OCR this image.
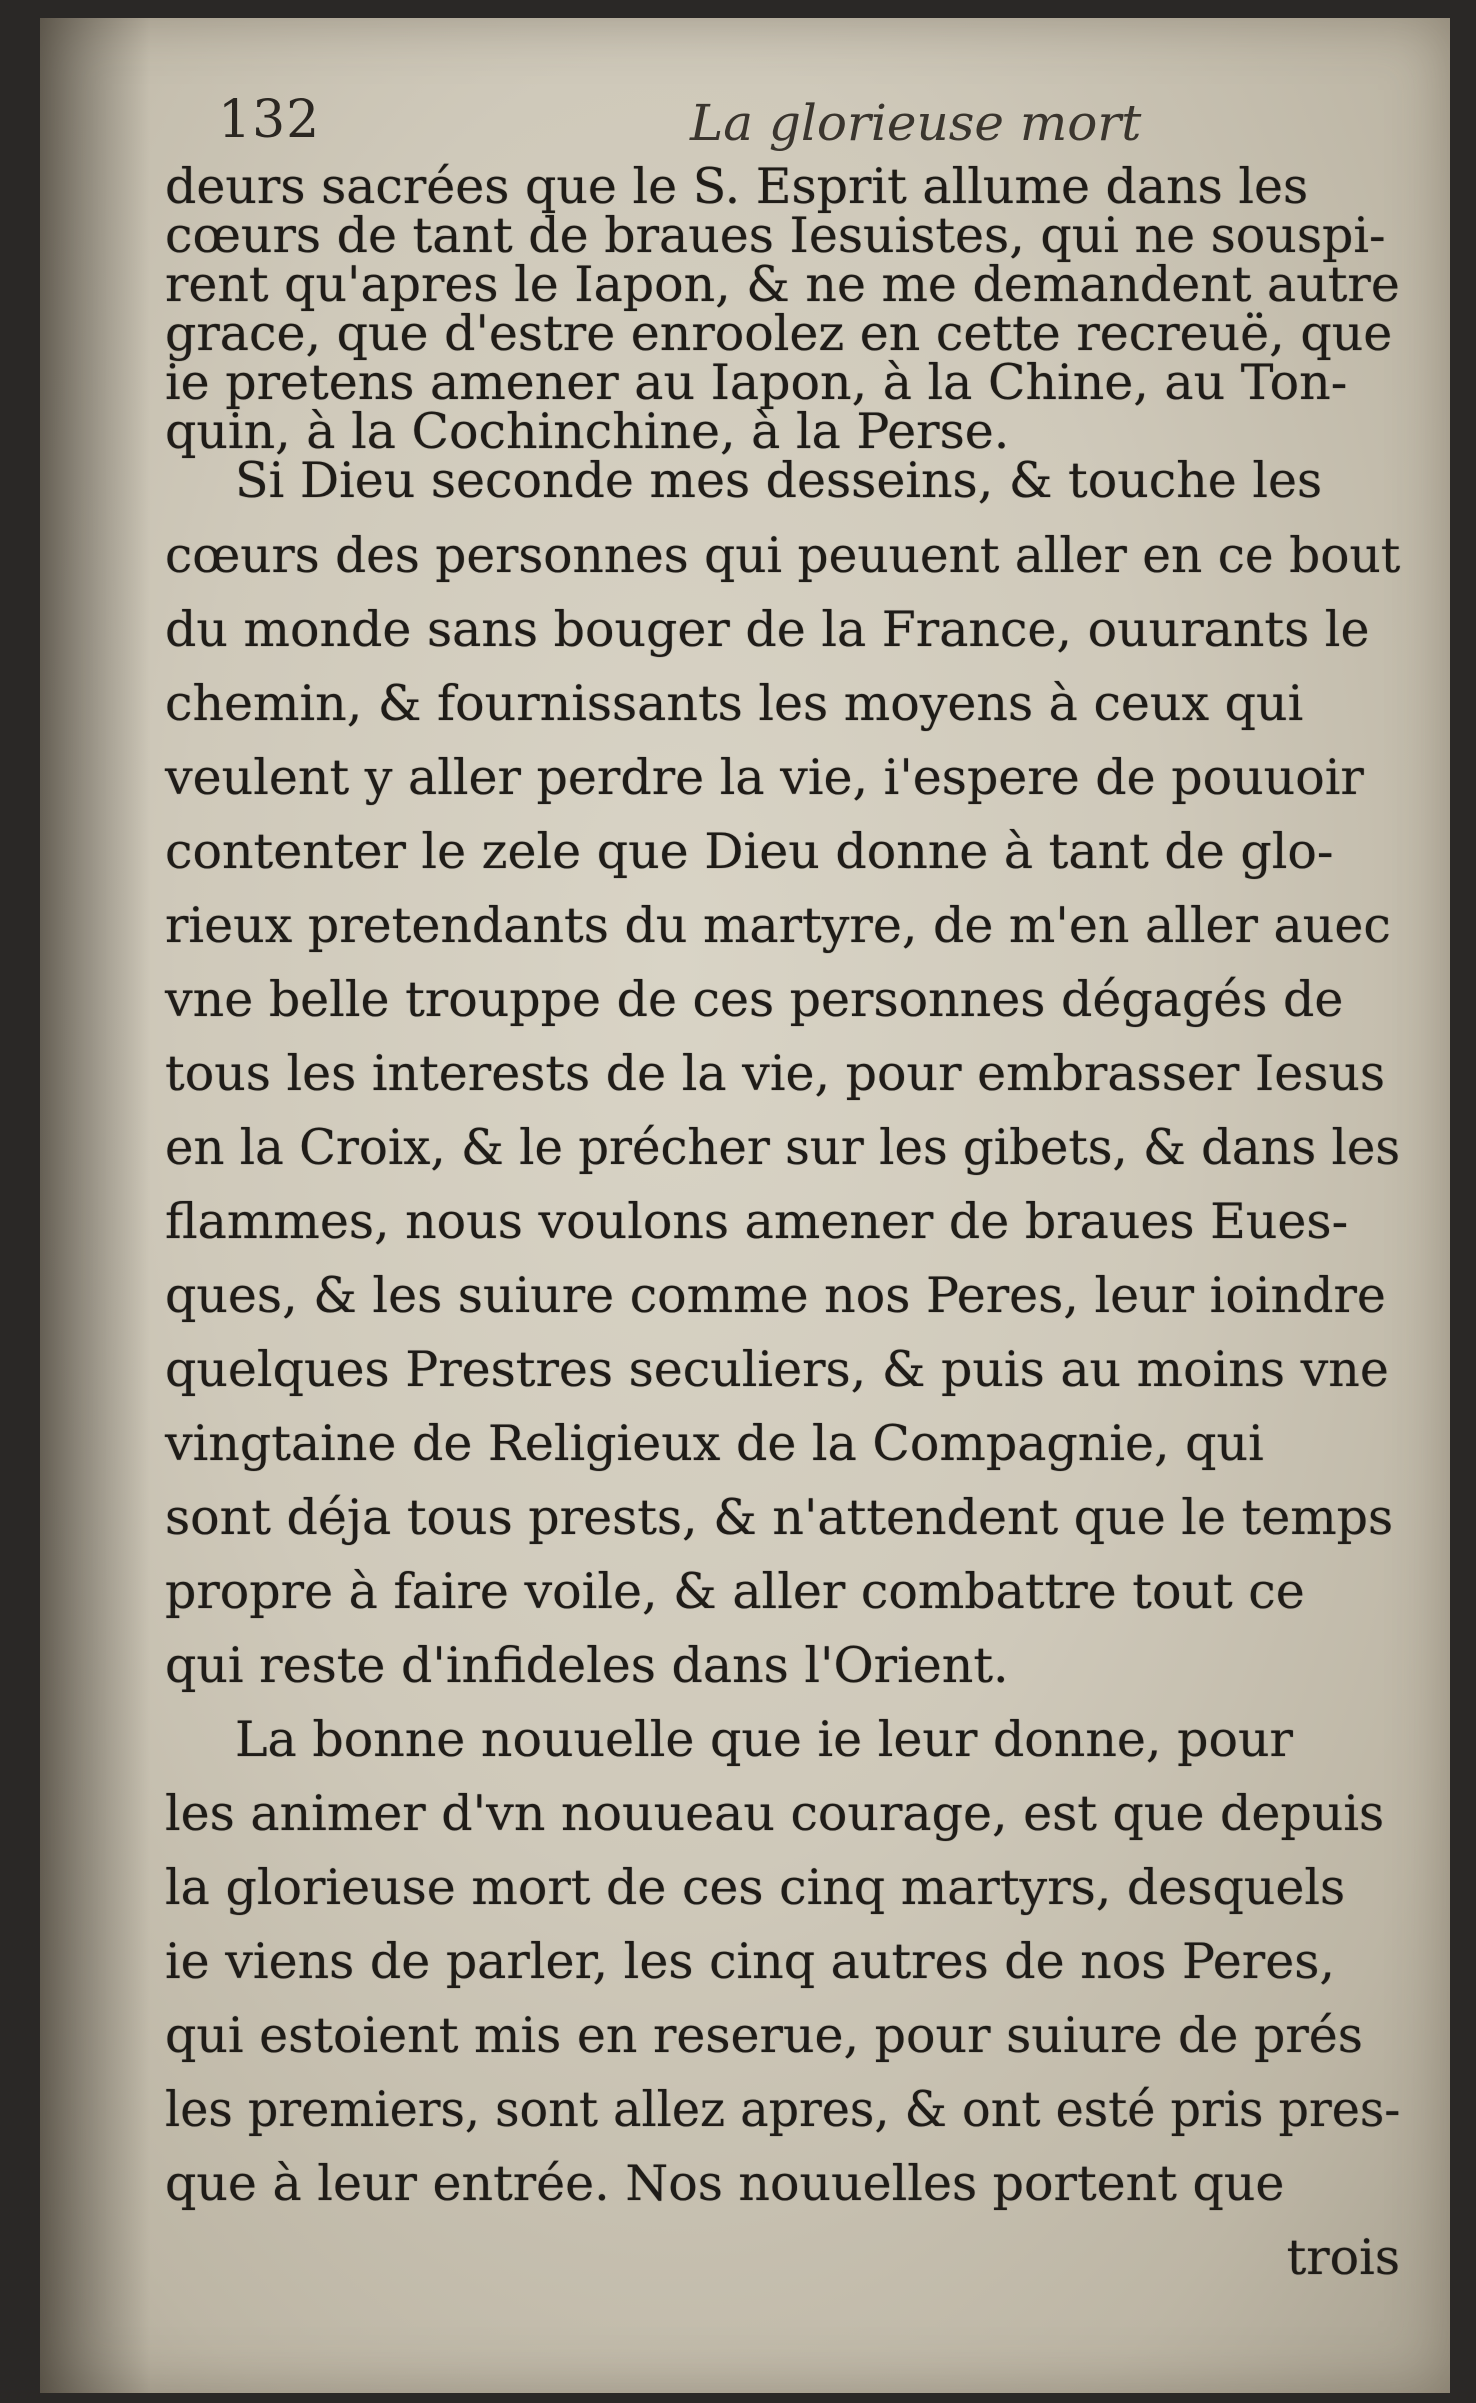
132	La glorieuse mort
deurs sacrées que le S. Esprit allume dans les
cœurs de tant de braues Iesuistes, qui ne souspi-
rent qu'apres le Iapon, & ne me demandent autre
grace, que d'estre enroolez en cette recreuë, que
ie pretens amener au Iapon, à la Chine, au Ton-
quin, à la Cochinchine, à la Perse.
Si Dieu seconde mes desseins, & touche les
cœurs des personnes qui peuuent aller en ce bout
du monde sans bouger de la France, ouurants le
chemin, & fournissants les moyens à ceux qui
veulent y aller perdre la vie, i'espere de pouuoir
contenter le zele que Dieu donne à tant de glo-
rieux pretendants du martyre, de m'en aller auec
vne belle trouppe de ces personnes dégagés de
tous les interests de la vie, pour embrasser Iesus
en la Croix, & le précher sur les gibets, & dans les
flammes, nous voulons amener de braues Eues-
ques, & les suiure comme nos Peres, leur ioindre
quelques Prestres seculiers, & puis au moins vne
vingtaine de Religieux de la Compagnie, qui
sont déja tous prests, & n'attendent que le temps
propre à faire voile, & aller combattre tout ce
qui reste d'infideles dans l'Orient.
La bonne nouuelle que ie leur donne, pour
les animer d'vn nouueau courage, est que depuis
la glorieuse mort de ces cinq martyrs, desquels
ie viens de parler, les cinq autres de nos Peres,
qui estoient mis en reserue, pour suiure de prés
les premiers, sont allez apres, & ont esté pris pres-
que à leur entrée. Nos nouuelles portent que
trois
